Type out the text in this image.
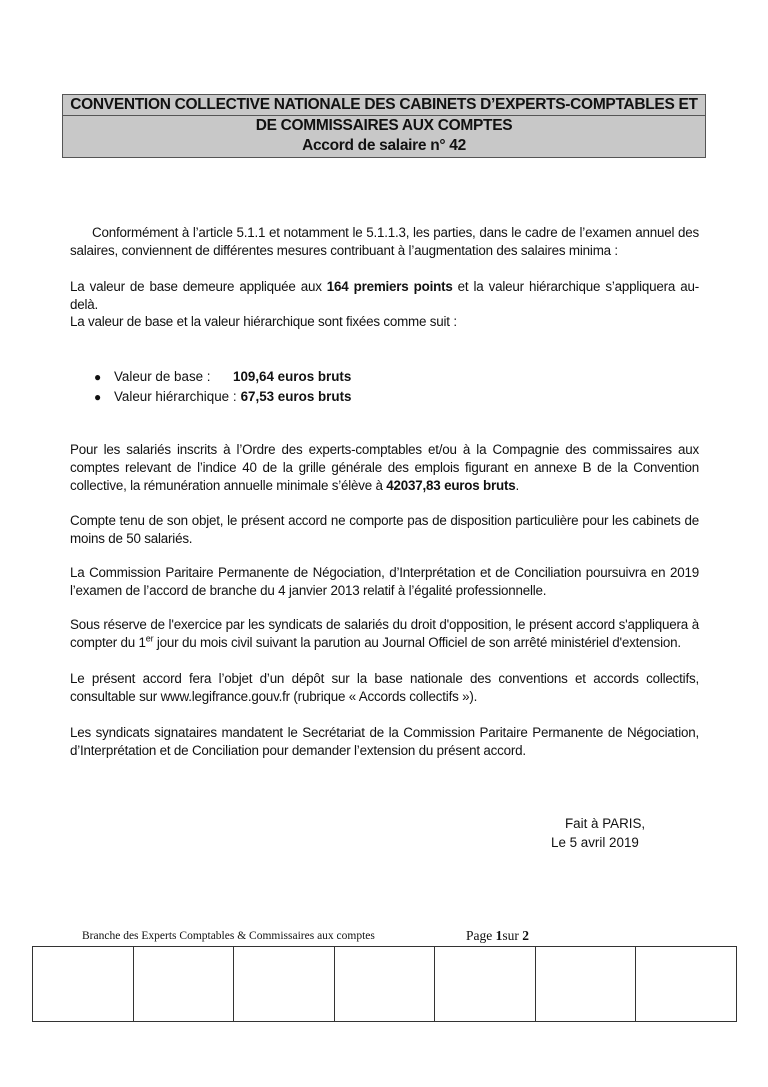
CONVENTION COLLECTIVE NATIONALE DES CABINETS D’EXPERTS-COMPTABLES ET
DE COMMISSAIRES AUX COMPTES
Accord de salaire n° 42
Conformément à l’article 5.1.1 et notamment le 5.1.1.3, les parties, dans le cadre de l’examen annuel des salaires, conviennent de différentes mesures contribuant à l’augmentation des salaires minima :
La valeur de base demeure appliquée aux 164 premiers points et la valeur hiérarchique s’appliquera au-delà.
La valeur de base et la valeur hiérarchique sont fixées comme suit :
● Valeur de base :	109,64 euros bruts
● Valeur hiérarchique : 67,53 euros bruts
Pour les salariés inscrits à l’Ordre des experts-comptables et/ou à la Compagnie des commissaires aux comptes relevant de l’indice 40 de la grille générale des emplois figurant en annexe B de la Convention collective, la rémunération annuelle minimale s’élève à 42037,83 euros bruts.
Compte tenu de son objet, le présent accord ne comporte pas de disposition particulière pour les cabinets de moins de 50 salariés.
La Commission Paritaire Permanente de Négociation, d’Interprétation et de Conciliation poursuivra en 2019 l’examen de l’accord de branche du 4 janvier 2013 relatif à l’égalité professionnelle.
Sous réserve de l'exercice par les syndicats de salariés du droit d'opposition, le présent accord s'appliquera à compter du 1er jour du mois civil suivant la parution au Journal Officiel de son arrêté ministériel d'extension.
Le présent accord fera l’objet d’un dépôt sur la base nationale des conventions et accords collectifs, consultable sur www.legifrance.gouv.fr (rubrique « Accords collectifs »).
Les syndicats signataires mandatent le Secrétariat de la Commission Paritaire Permanente de Négociation, d’Interprétation et de Conciliation pour demander l’extension du présent accord.
Fait à PARIS,
Le 5 avril 2019
Branche des Experts Comptables & Commissaires aux comptes	Page 1sur 2
